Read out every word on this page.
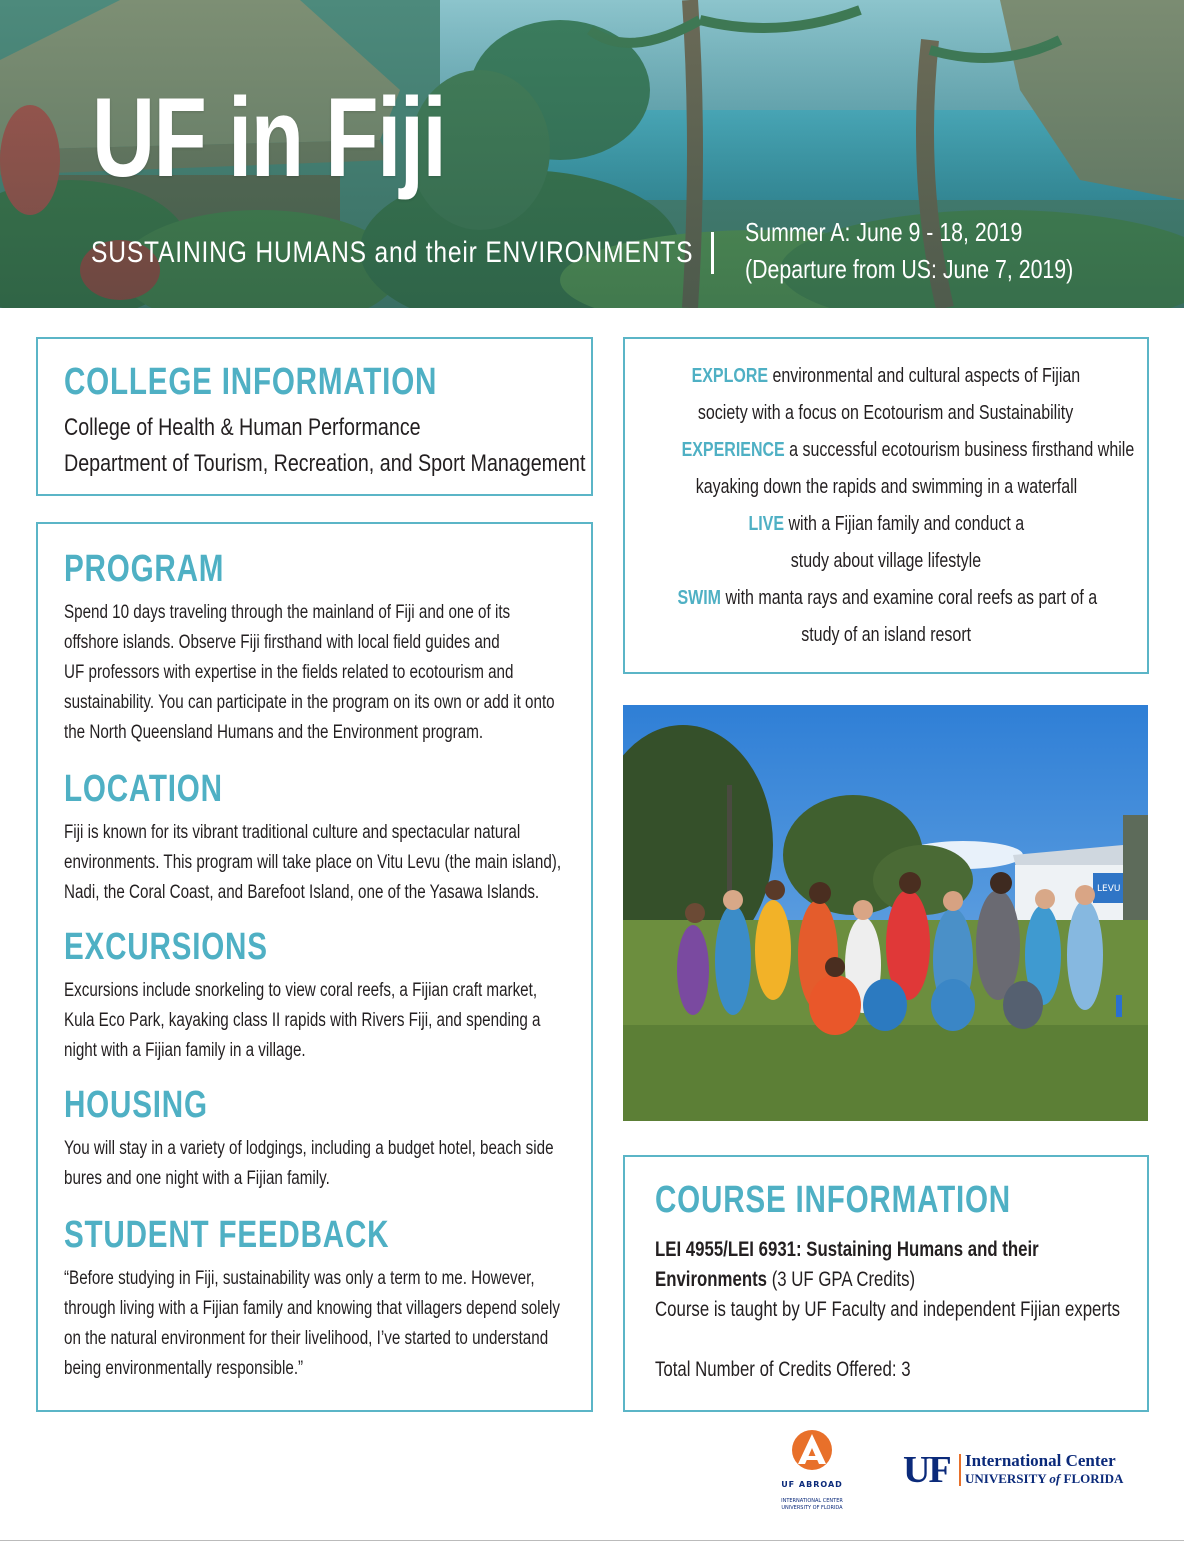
UF in Fiji
SUSTAINING HUMANS and their ENVIRONMENTS
Summer A: June 9 - 18, 2019
(Departure from US: June 7, 2019)
COLLEGE INFORMATION
College of Health & Human Performance
Department of Tourism, Recreation, and Sport Management
PROGRAM
Spend 10 days traveling through the mainland of Fiji and one of its
offshore islands. Observe Fiji firsthand with local field guides and
UF professors with expertise in the fields related to ecotourism and
sustainability. You can participate in the program on its own or add it onto
the North Queensland Humans and the Environment program.
LOCATION
Fiji is known for its vibrant traditional culture and spectacular natural
environments. This program will take place on Vitu Levu (the main island),
Nadi, the Coral Coast, and Barefoot Island, one of the Yasawa Islands.
EXCURSIONS
Excursions include snorkeling to view coral reefs, a Fijian craft market,
Kula Eco Park, kayaking class II rapids with Rivers Fiji, and spending a
night with a Fijian family in a village.
HOUSING
You will stay in a variety of lodgings, including a budget hotel, beach side
bures and one night with a Fijian family.
STUDENT FEEDBACK
“Before studying in Fiji, sustainability was only a term to me. However,
through living with a Fijian family and knowing that villagers depend solely
on the natural environment for their livelihood, I’ve started to understand
being environmentally responsible.”
EXPLORE environmental and cultural aspects of Fijian
society with a focus on Ecotourism and Sustainability
EXPERIENCE a successful ecotourism business firsthand while
kayaking down the rapids and swimming in a waterfall
LIVE with a Fijian family and conduct a
study about village lifestyle
SWIM with manta rays and examine coral reefs as part of a
study of an island resort
LEVU
COURSE INFORMATION
LEI 4955/LEI 6931: Sustaining Humans and their
Environments (3 UF GPA Credits)
Course is taught by UF Faculty and independent Fijian experts
Total Number of Credits Offered: 3
UF ABROAD
INTERNATIONAL CENTER
UNIVERSITY OF FLORIDA
UF International Center
UNIVERSITY of FLORIDA
